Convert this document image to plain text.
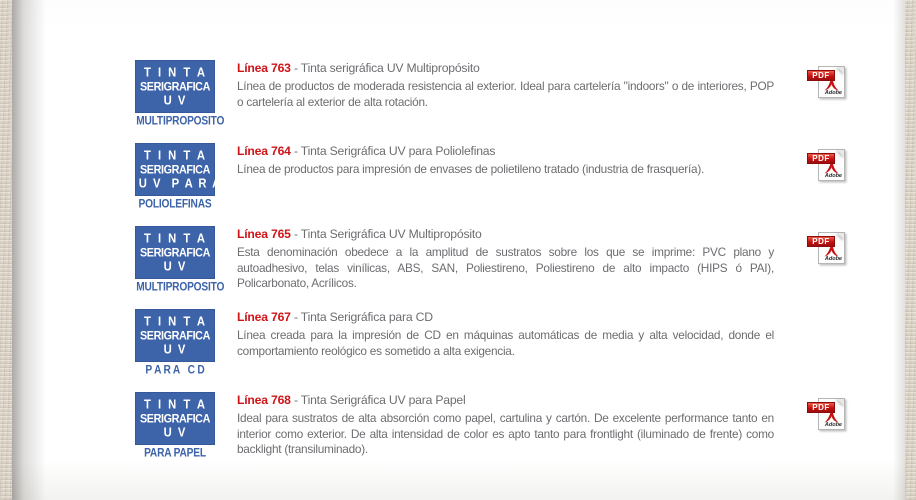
T I N T A
SERIGRAFICA
U V
MULTIPROPOSITO
Línea 763 - Tinta serigráfica UV Multipropósito

Línea de productos de moderada resistencia al exterior. Ideal para cartelería "indoors" o de interiores, POP o cartelería al exterior de alta rotación.

Adobe
PDF
T I N T A
SERIGRAFICA
U V  P A R A
POLIOLEFINAS
Línea 764 - Tinta Serigráfica UV para Poliolefinas

Línea de productos para impresión de envases de polietileno tratado (industria de frasquería).	Adobe
PDF
T I N T A
SERIGRAFICA
U V
MULTIPROPOSITO
Línea 765 - Tinta Serigráfica UV Multipropósito

Esta denominación obedece a la amplitud de sustratos sobre los que se imprime: PVC plano y autoadhesivo, telas vinílicas, ABS, SAN, Poliestireno, Poliestireno de alto impacto (HIPS ó PAI), Policarbonato, Acrílicos.

Adobe
PDF
T I N T A
SERIGRAFICA
U V
P A R A   C D
Línea 767 - Tinta Serigráfica para CD

Línea creada para la impresión de CD en máquinas automáticas de media y alta velocidad, donde el comportamiento reológico es sometido a alta exigencia.

T I N T A
SERIGRAFICA
U V
PARA PAPEL
Línea 768 - Tinta Serigráfica UV para Papel

Ideal para sustratos de alta absorción como papel, cartulina y cartón. De excelente performance tanto en interior como exterior. De alta intensidad de color es apto tanto para frontlight (iluminado de frente) como backlight (transiluminado).

Adobe
PDF
